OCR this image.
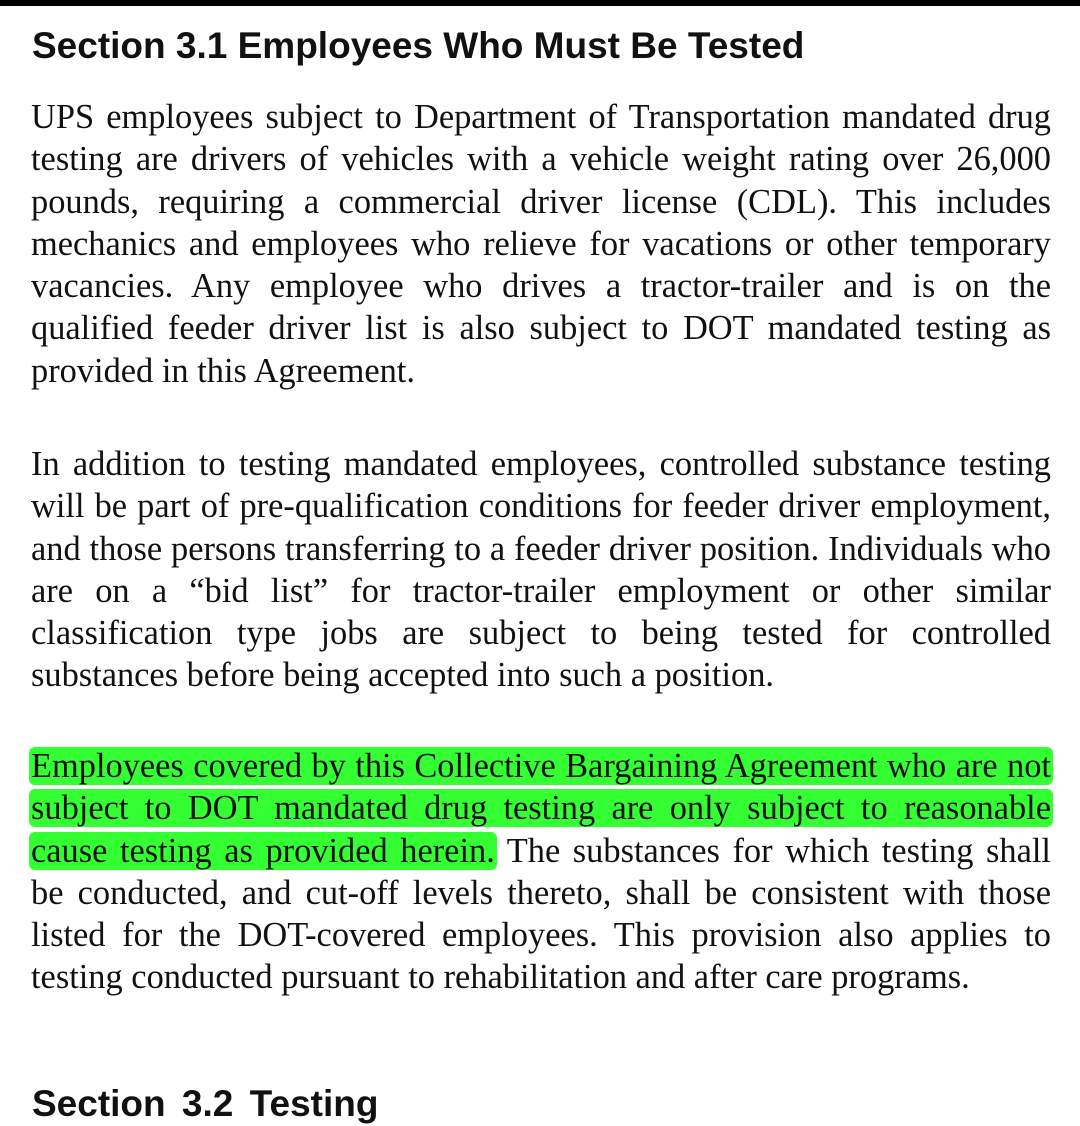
Section 3.1 Employees Who Must Be Tested

UPS employees subject to Department of Transportation mandated drug testing are drivers of vehicles with a vehicle weight rating over 26,000 pounds, requiring a commercial driver license (CDL). This includes mechanics and employees who relieve for vacations or other temporary vacancies. Any employee who drives a tractor-trailer and is on the qualified feeder driver list is also subject to DOT mandated testing as provided in this Agreement.

In addition to testing mandated employees, controlled substance testing will be part of pre-qualification conditions for feeder driver employment, and those persons transferring to a feeder driver position. Individuals who are on a “bid list” for tractor-trailer employment or other similar classification type jobs are subject to being tested for controlled substances before being accepted into such a position.

Employees covered by this Collective Bargaining Agreement who are not subject to DOT mandated drug testing are only subject to reasonable cause testing as provided herein. The substances for which testing shall be conducted, and cut-off levels thereto, shall be consistent with those listed for the DOT-covered employees. This provision also applies to testing conducted pursuant to rehabilitation and after care programs.

Section 3.2 Testing
